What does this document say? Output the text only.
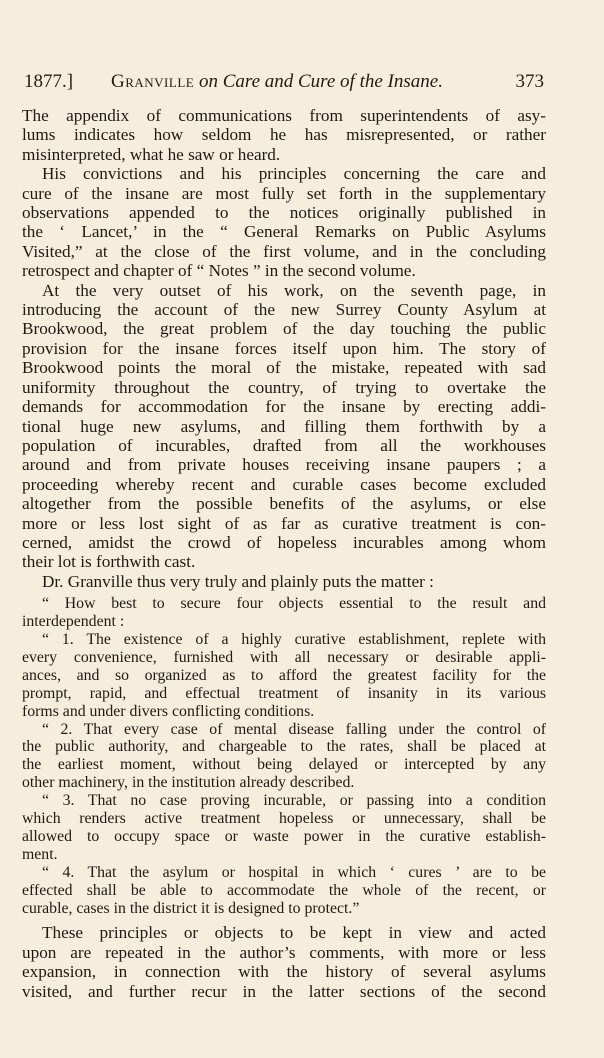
1877.] Granville on Care and Cure of the Insane.	373
The appendix of communications from superintendents of asy-
lums indicates how seldom he has misrepresented, or rather
misinterpreted, what he saw or heard.
His convictions and his principles concerning the care and
cure of the insane are most fully set forth in the supplementary
observations appended to the notices originally published in
the ‘ Lancet,’ in the “ General Remarks on Public Asylums
Visited,” at the close of the first volume, and in the concluding
retrospect and chapter of “ Notes ” in the second volume.
At the very outset of his work, on the seventh page, in
introducing the account of the new Surrey County Asylum at
Brookwood, the great problem of the day touching the public
provision for the insane forces itself upon him. The story of
Brookwood points the moral of the mistake, repeated with sad
uniformity throughout the country, of trying to overtake the
demands for accommodation for the insane by erecting addi-
tional huge new asylums, and filling them forthwith by a
population of incurables, drafted from all the workhouses
around and from private houses receiving insane paupers ; a
proceeding whereby recent and curable cases become excluded
altogether from the possible benefits of the asylums, or else
more or less lost sight of as far as curative treatment is con-
cerned, amidst the crowd of hopeless incurables among whom
their lot is forthwith cast.
Dr. Granville thus very truly and plainly puts the matter :
“ How best to secure four objects essential to the result and
interdependent :
“ 1. The existence of a highly curative establishment, replete with
every convenience, furnished with all necessary or desirable appli-
ances, and so organized as to afford the greatest facility for the
prompt, rapid, and effectual treatment of insanity in its various
forms and under divers conflicting conditions.
“ 2. That every case of mental disease falling under the control of
the public authority, and chargeable to the rates, shall be placed at
the earliest moment, without being delayed or intercepted by any
other machinery, in the institution already described.
“ 3. That no case proving incurable, or passing into a condition
which renders active treatment hopeless or unnecessary, shall be
allowed to occupy space or waste power in the curative establish-
ment.
“ 4. That the asylum or hospital in which ‘ cures ’ are to be
effected shall be able to accommodate the whole of the recent, or
curable, cases in the district it is designed to protect.”
These principles or objects to be kept in view and acted
upon are repeated in the author’s comments, with more or less
expansion, in connection with the history of several asylums
visited, and further recur in the latter sections of the second
